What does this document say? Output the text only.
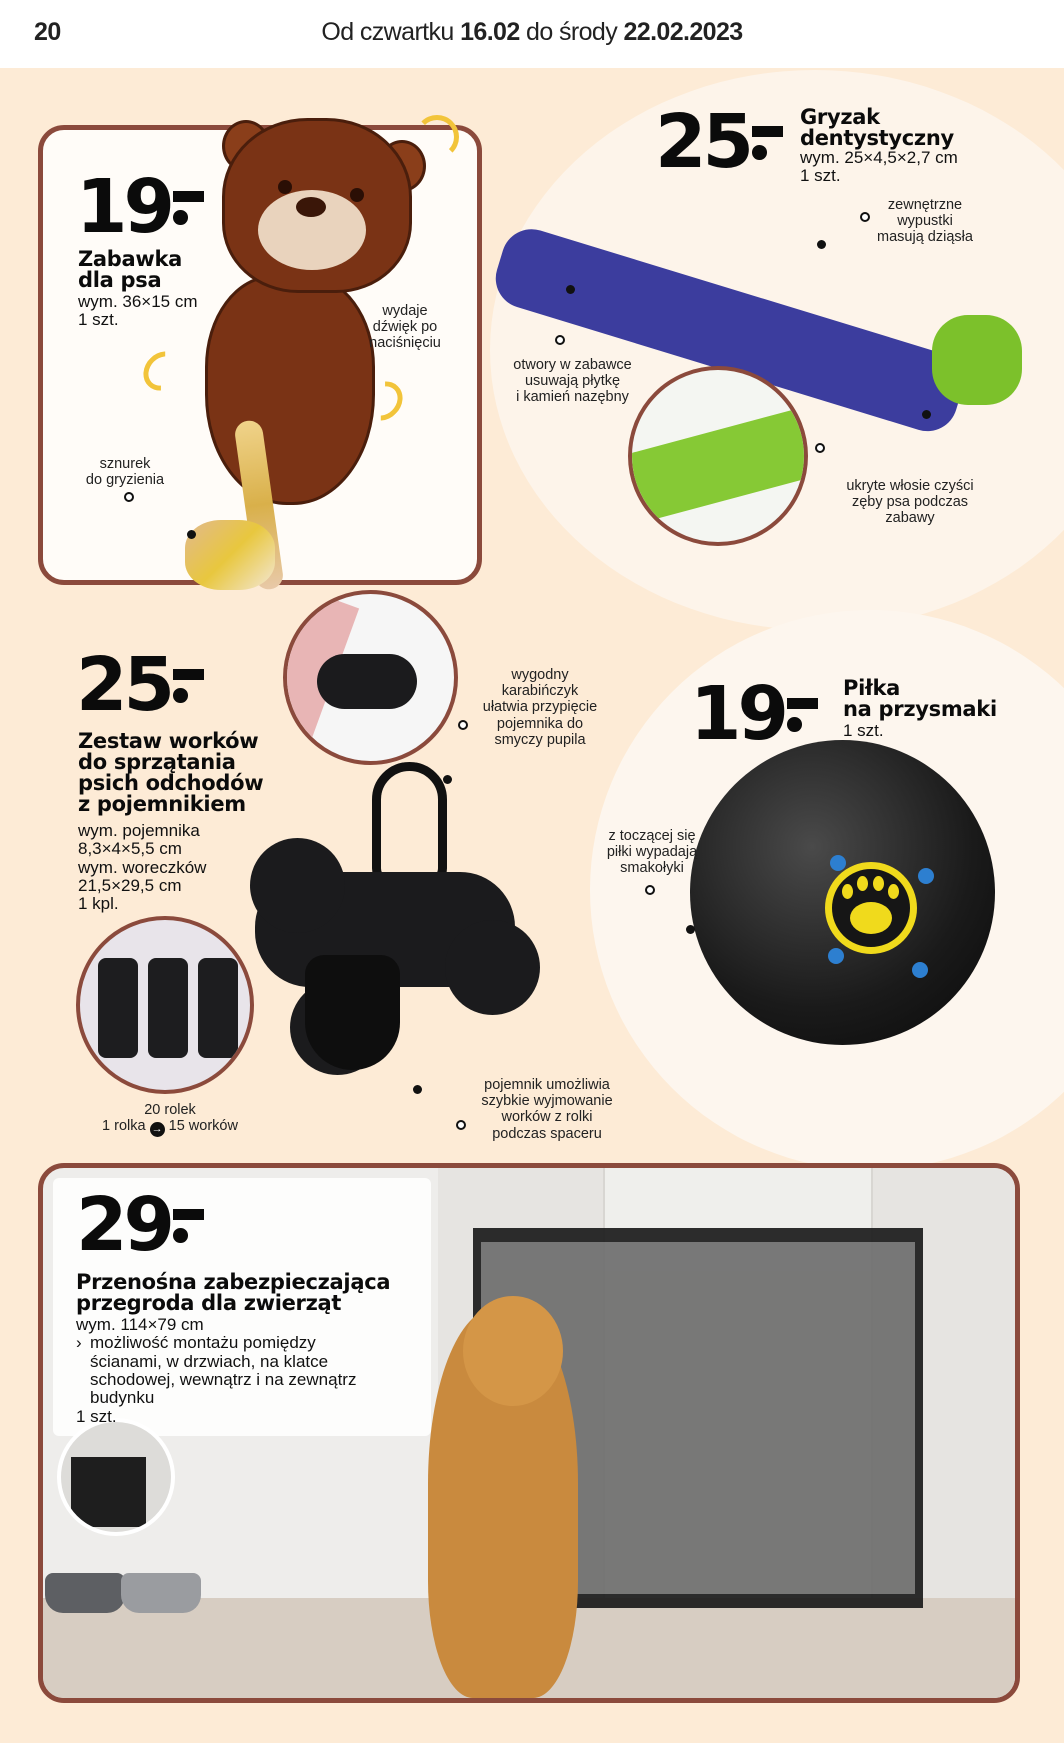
20	Od czwartku 16.02 do środy 22.02.2023
19
Zabawka
dla psa
wym. 36×15 cm
1 szt.	wydaje
dźwięk po
naciśnięciu
sznurek
do gryzienia
25	Gryzak
dentystyczny
wym. 25×4,5×2,7 cm
1 szt.
zewnętrzne
wypustki
masują dziąsła
otwory w zabawce
usuwają płytkę
i kamień nazębny
ukryte włosie czyści
zęby psa podczas
zabawy
25
Zestaw worków
do sprzątania
psich odchodów
z pojemnikiem
wym. pojemnika
8,3×4×5,5 cm
wym. woreczków
21,5×29,5 cm
1 kpl.
wygodny
karabińczyk
ułatwia przypięcie
pojemnika do
smyczy pupila
20 rolek
1 rolka → 15 worków
pojemnik umożliwia
szybkie wyjmowanie
worków z rolki
podczas spaceru
19	Piłka
na przysmaki
1 szt.
z toczącej się
piłki wypadają
smakołyki
29
Przenośna zabezpieczająca
przegroda dla zwierząt
wym. 114×79 cm
› możliwość montażu pomiędzy
ścianami, w drzwiach, na klatce
schodowej, wewnątrz i na zewnątrz
budynku
1 szt.
